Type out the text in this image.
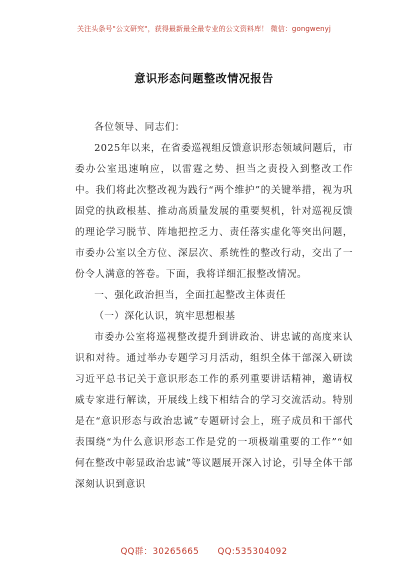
关注头条号"公文研究"，获得最新最全最专业的公文资料库！ 微信：gongwenyj
意识形态问题整改情况报告

各位领导、同志们：

2025年以来，在省委巡视组反馈意识形态领域问题后，市委办公室迅速响应，以雷霆之势、担当之责投入到整改工作中。我们将此次整改视为践行“两个维护”的关键举措，视为巩固党的执政根基、推动高质量发展的重要契机，针对巡视反馈的理论学习脱节、阵地把控乏力、责任落实虚化等突出问题，市委办公室以全方位、深层次、系统性的整改行动，交出了一份令人满意的答卷。下面，我将详细汇报整改情况。

一、强化政治担当，全面扛起整改主体责任

（一）深化认识，筑牢思想根基

市委办公室将巡视整改提升到讲政治、讲忠诚的高度来认识和对待。通过举办专题学习月活动，组织全体干部深入研读习近平总书记关于意识形态工作的系列重要讲话精神，邀请权威专家进行解读，开展线上线下相结合的学习交流活动。特别是在“意识形态与政治忠诚”专题研讨会上，班子成员和干部代表围绕“为什么意识形态工作是党的一项极端重要的工作”“如何在整改中彰显政治忠诚”等议题展开深入讨论，引导全体干部深刻认识到意识

QQ群：30265665 QQ:535304092
